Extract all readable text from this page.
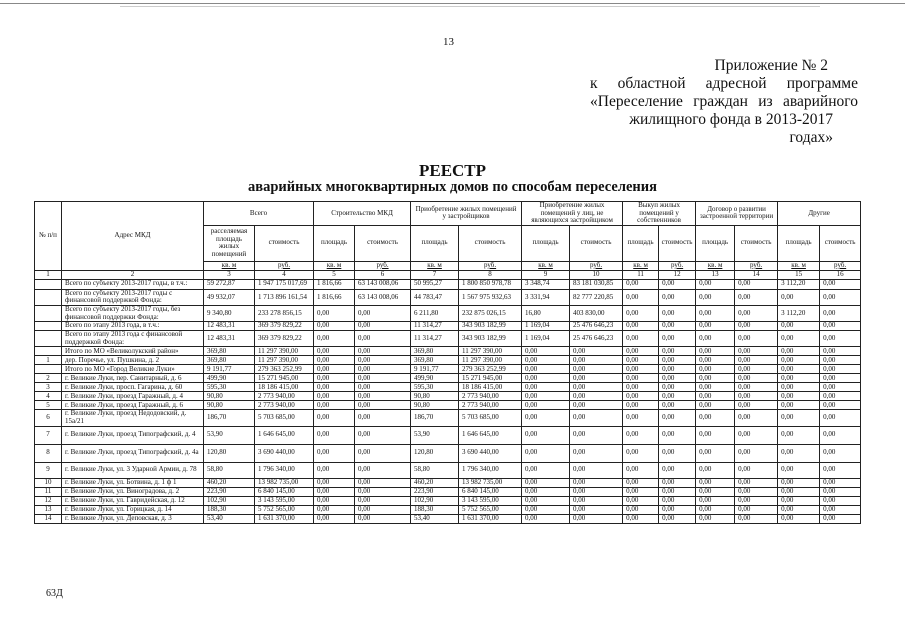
13
Приложение № 2
к областной адресной программе
«Переселение граждан из аварийного
жилищного фонда в 2013-2017 годах»
РЕЕСТР
аварийных многоквартирных домов по способам переселения
№ п/п	Адрес МКД	Всего		Строительство МКД		Приобретение жилых помещений у застройщиков		Приобретение жилых помещений у лиц, не являющихся застройщиком		Выкуп жилых помещений у собственников		Договор о развитии застроенной территории		Другие	
		расселяемая площадь жилых помещений	стоимость	площадь	стоимость	площадь	стоимость	площадь	стоимость	площадь	стоимость	площадь	стоимость	площадь	стоимость
		кв. м	руб.	кв. м	руб.	кв. м	руб.	кв. м	руб.	кв. м	руб.	кв. м	руб.	кв. м	руб.
1	2	3	4	5	6	7	8	9	10	11	12	13	14	15	16
	Всего по субъекту 2013-2017 годы, в т.ч.:	59 272,87	1 947 175 017,69	1 816,66	63 143 008,06	50 995,27	1 800 850 978,78	3 348,74	83 181 030,85	0,00	0,00	0,00	0,00	3 112,20	0,00
	Всего по субъекту 2013-2017 годы с финансовой поддержкой Фонда:	49 932,07	1 713 896 161,54	1 816,66	63 143 008,06	44 783,47	1 567 975 932,63	3 331,94	82 777 220,85	0,00	0,00	0,00	0,00	0,00	0,00
	Всего по субъекту 2013-2017 годы, без финансовой поддержки Фонда:	9 340,80	233 278 856,15	0,00	0,00	6 211,80	232 875 026,15	16,80	403 830,00	0,00	0,00	0,00	0,00	3 112,20	0,00
	Всего по этапу 2013 года, в т.ч.:	12 483,31	369 379 829,22	0,00	0,00	11 314,27	343 903 182,99	1 169,04	25 476 646,23	0,00	0,00	0,00	0,00	0,00	0,00
	Всего по этапу 2013 года с финансовой поддержкой Фонда:	12 483,31	369 379 829,22	0,00	0,00	11 314,27	343 903 182,99	1 169,04	25 476 646,23	0,00	0,00	0,00	0,00	0,00	0,00
	Итого по МО «Великолукский район»	369,80	11 297 390,00	0,00	0,00	369,80	11 297 390,00	0,00	0,00	0,00	0,00	0,00	0,00	0,00	0,00
1	дер. Поречье, ул. Пушкина, д. 2	369,80	11 297 390,00	0,00	0,00	369,80	11 297 390,00	0,00	0,00	0,00	0,00	0,00	0,00	0,00	0,00
	Итого по МО «Город Великие Луки»	9 191,77	279 363 252,99	0,00	0,00	9 191,77	279 363 252,99	0,00	0,00	0,00	0,00	0,00	0,00	0,00	0,00
2	г. Великие Луки, пер. Санитарный, д. 6	499,90	15 271 945,00	0,00	0,00	499,90	15 271 945,00	0,00	0,00	0,00	0,00	0,00	0,00	0,00	0,00
3	г. Великие Луки, просп. Гагарина, д. 60	595,30	18 186 415,00	0,00	0,00	595,30	18 186 415,00	0,00	0,00	0,00	0,00	0,00	0,00	0,00	0,00
4	г. Великие Луки, проезд Гаражный, д. 4	90,80	2 773 940,00	0,00	0,00	90,80	2 773 940,00	0,00	0,00	0,00	0,00	0,00	0,00	0,00	0,00
5	г. Великие Луки, проезд Гаражный, д. 6	90,80	2 773 940,00	0,00	0,00	90,80	2 773 940,00	0,00	0,00	0,00	0,00	0,00	0,00	0,00	0,00
6	г. Великие Луки, проезд Недодовский, д. 15а/21	186,70	5 703 685,00	0,00	0,00	186,70	5 703 685,00	0,00	0,00	0,00	0,00	0,00	0,00	0,00	0,00
7	г. Великие Луки, проезд Типографский, д. 4	53,90	1 646 645,00	0,00	0,00	53,90	1 646 645,00	0,00	0,00	0,00	0,00	0,00	0,00	0,00	0,00
8	г. Великие Луки, проезд Типографский, д. 4а	120,80	3 690 440,00	0,00	0,00	120,80	3 690 440,00	0,00	0,00	0,00	0,00	0,00	0,00	0,00	0,00
9	г. Великие Луки, ул. 3 Ударной Армии, д. 78	58,80	1 796 340,00	0,00	0,00	58,80	1 796 340,00	0,00	0,00	0,00	0,00	0,00	0,00	0,00	0,00
10	г. Великие Луки, ул. Ботвина, д. 1 ф 1	460,20	13 982 735,00	0,00	0,00	460,20	13 982 735,00	0,00	0,00	0,00	0,00	0,00	0,00	0,00	0,00
11	г. Великие Луки, ул. Виноградова, д. 2	223,90	6 840 145,00	0,00	0,00	223,90	6 840 145,00	0,00	0,00	0,00	0,00	0,00	0,00	0,00	0,00
12	г. Великие Луки, ул. Гавридейская, д. 12	102,90	3 143 595,00	0,00	0,00	102,90	3 143 595,00	0,00	0,00	0,00	0,00	0,00	0,00	0,00	0,00
13	г. Великие Луки, ул. Горицкая, д. 14	188,30	5 752 565,00	0,00	0,00	188,30	5 752 565,00	0,00	0,00	0,00	0,00	0,00	0,00	0,00	0,00
14	г. Великие Луки, ул. Деповская, д. 3	53,40	1 631 370,00	0,00	0,00	53,40	1 631 370,00	0,00	0,00	0,00	0,00	0,00	0,00	0,00	0,00
63Д
